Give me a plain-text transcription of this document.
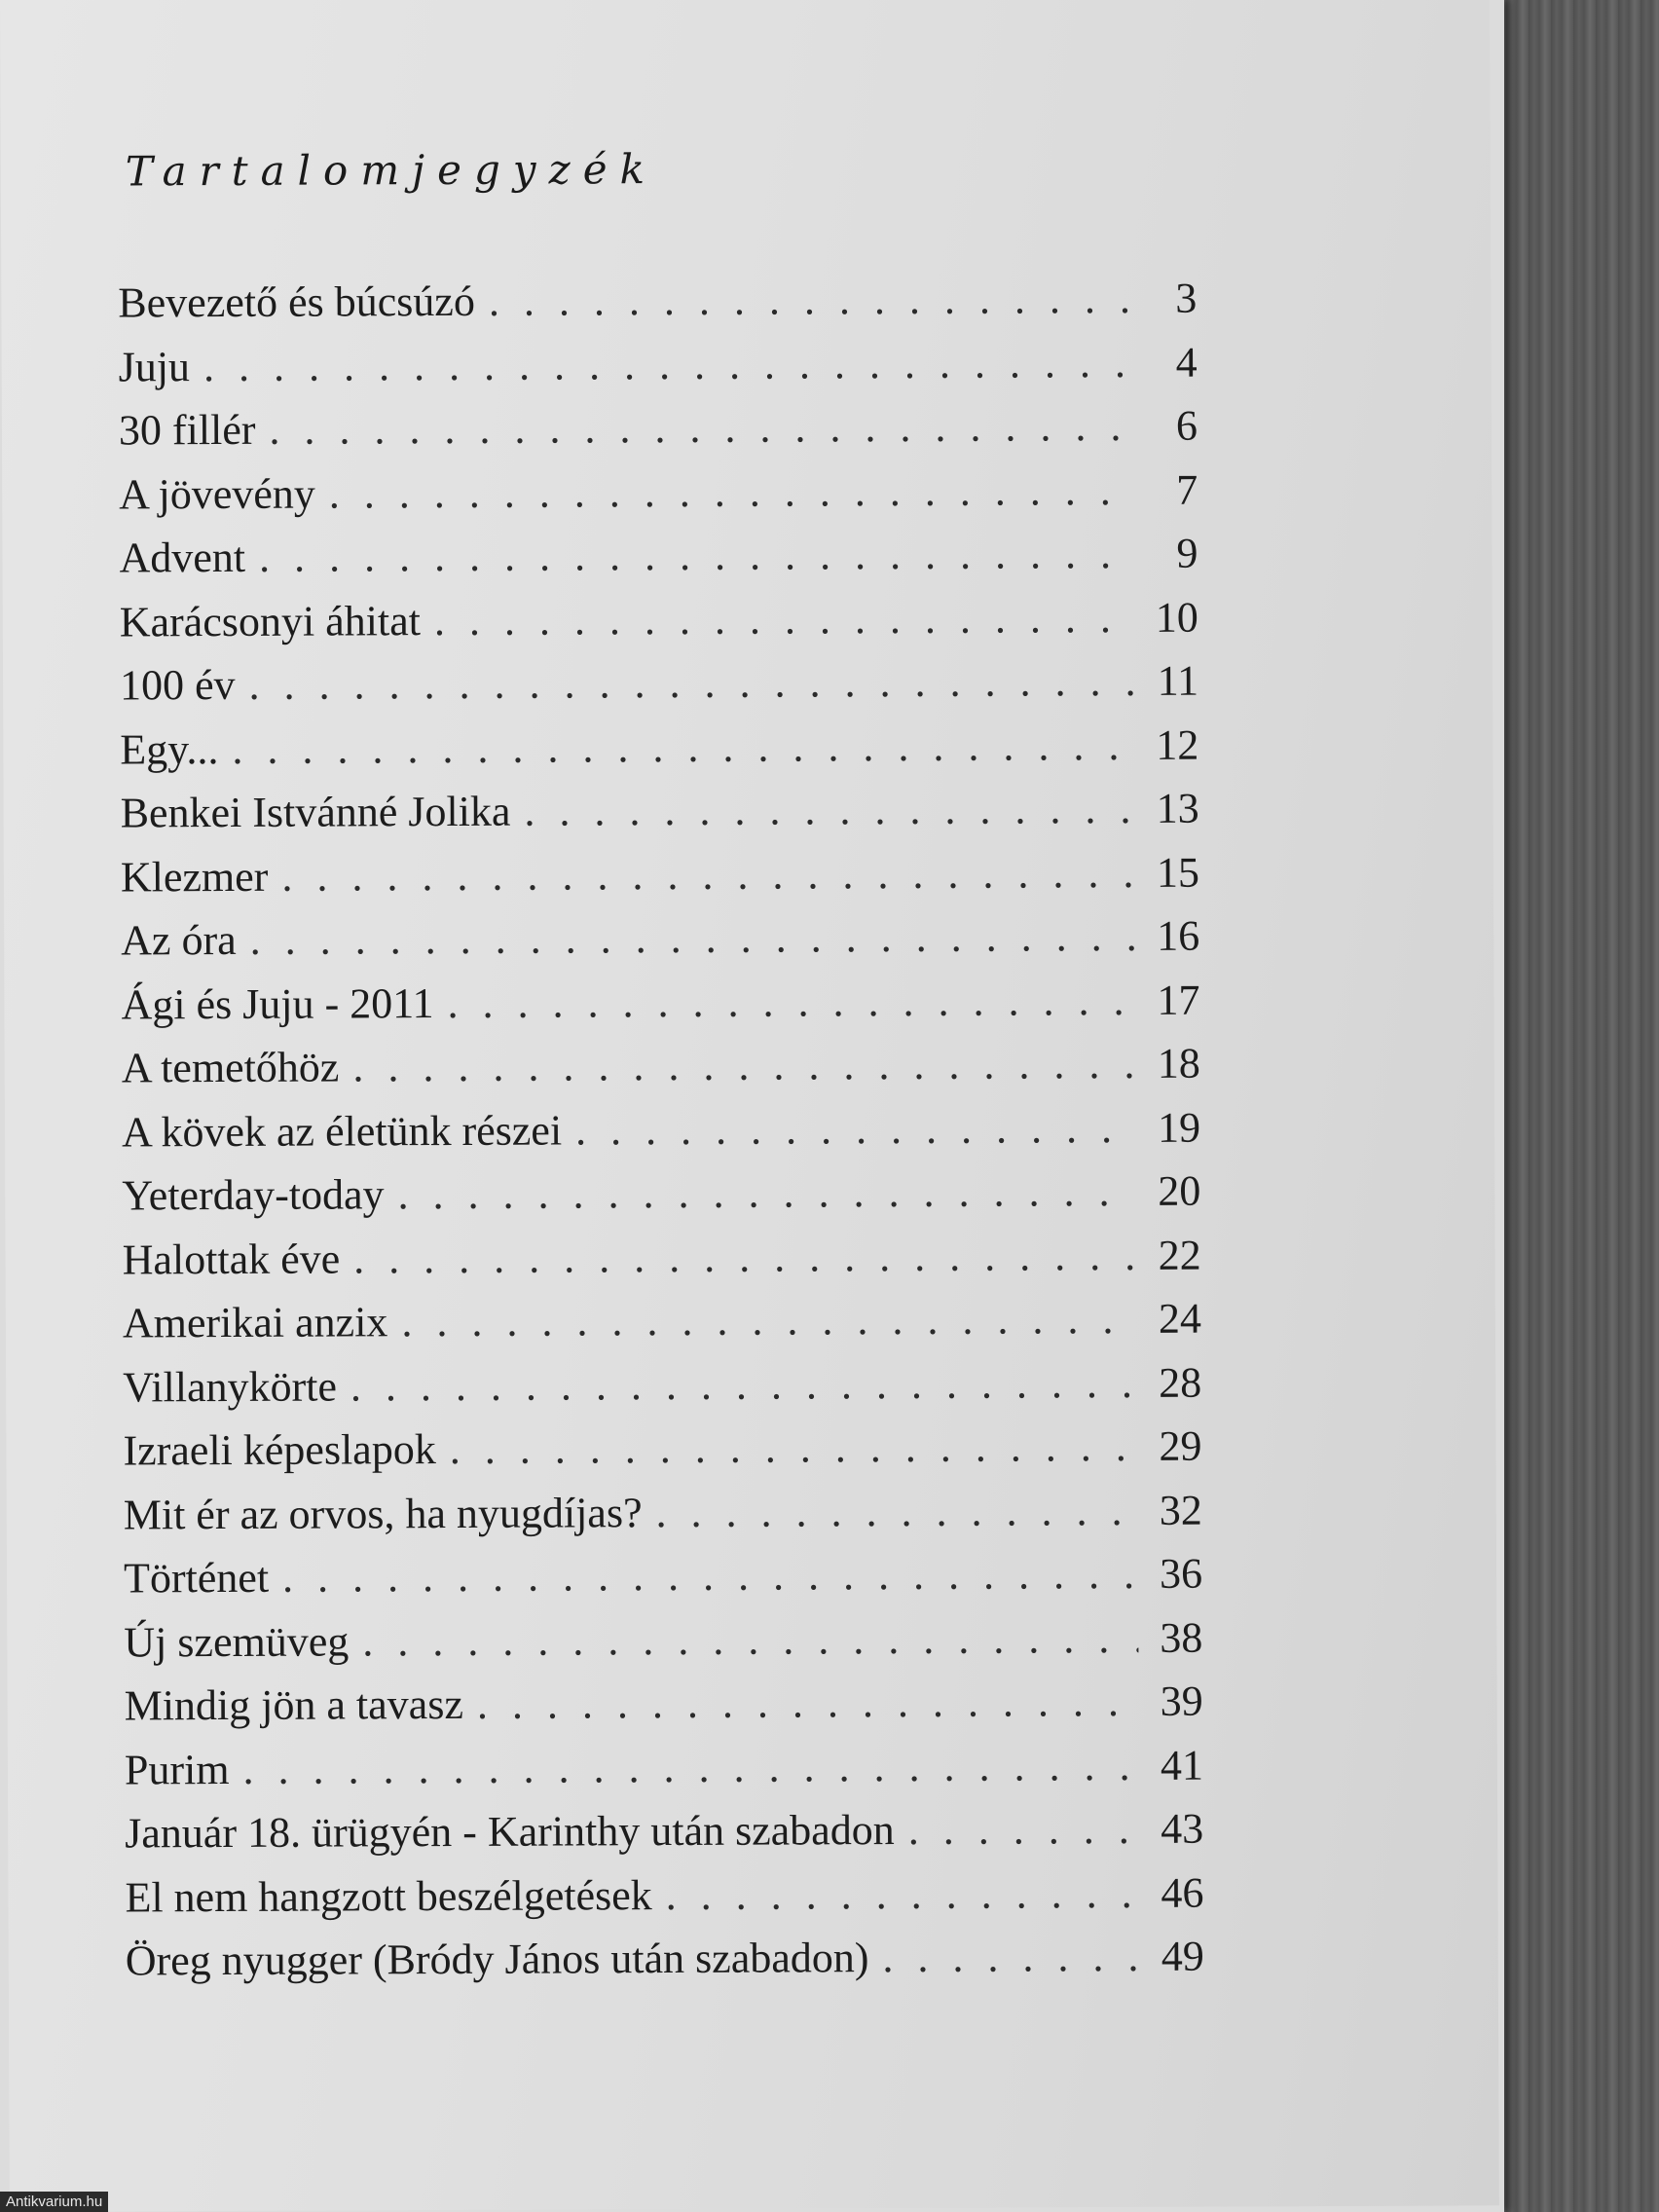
Tartalomjegyzék
Bevezető és búcsúzó . . .	3
Juju . . .	4
30 fillér . . .	6
A jövevény . . .	7
Advent . . .	9
Karácsonyi áhitat . . .	10
100 év . . .	11
Egy... . . .	12
Benkei Istvánné Jolika . . .	13
Klezmer . . .	15
Az óra . . .	16
Ági és Juju - 2011 . . .	17
A temetőhöz . . .	18
A kövek az életünk részei . . .	19
Yeterday-today . . .	20
Halottak éve . . .	22
Amerikai anzix . . .	24
Villanykörte . . .	28
Izraeli képeslapok . . .	29
Mit ér az orvos, ha nyugdíjas? . . .	32
Történet . . .	36
Új szemüveg . . .	38
Mindig jön a tavasz . . .	39
Purim . . .	41
Január 18. ürügyén - Karinthy után szabadon . . .	43
El nem hangzott beszélgetések . . .	46
Öreg nyugger (Bródy János után szabadon) . . .	49
Antikvarium.hu
